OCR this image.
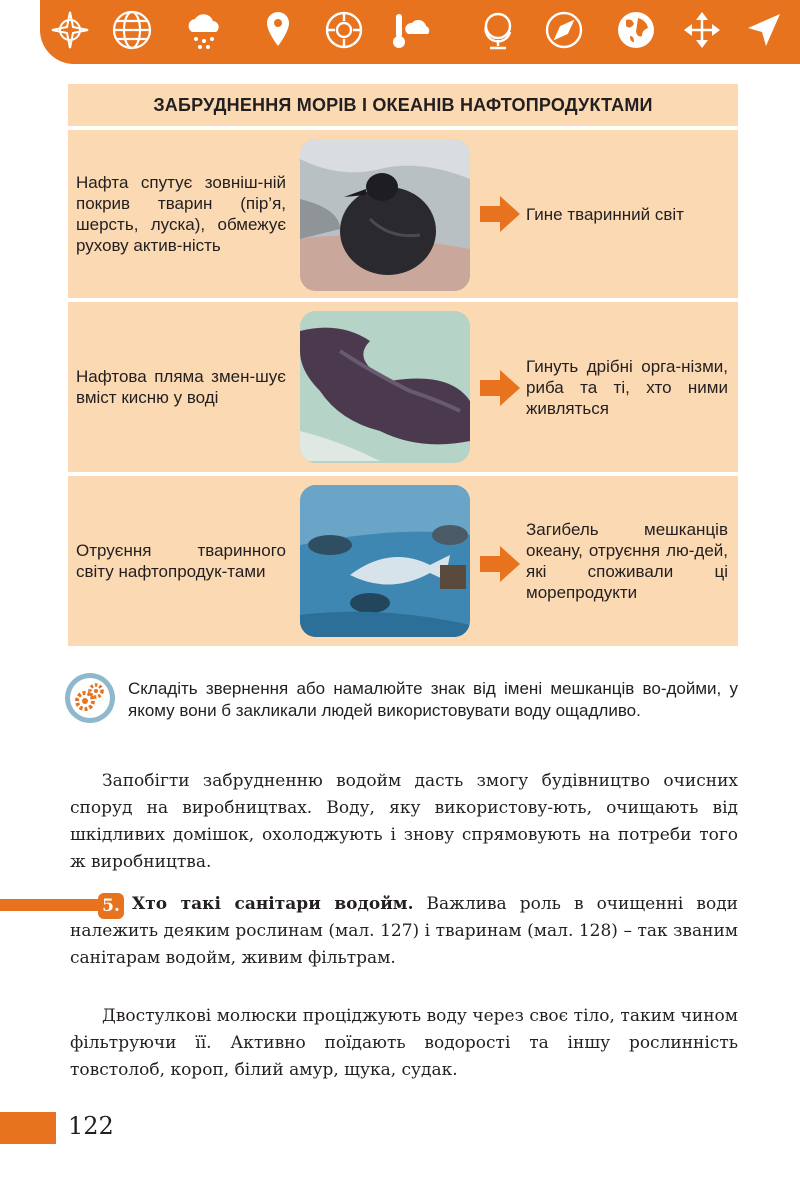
ЗАБРУДНЕННЯ МОРІВ І ОКЕАНІВ НАФТОПРОДУКТАМИ
Нафта спутує зовніш-ній покрив тварин (пір’я, шерсть, луска), обмежує рухову актив-ність
Гине тваринний світ
Нафтова пляма змен-шує вміст кисню у воді
Гинуть дрібні орга-нізми, риба та ті, хто ними живляться
Отруєння тваринного світу нафтопродук-тами
Загибель мешканців океану, отруєння лю-дей, які споживали ці морепродукти
Складіть звернення або намалюйте знак від імені мешканців во-дойми, у якому вони б закликали людей використовувати воду ощадливо.
Запобігти забрудненню водойм дасть змогу будівництво очисних споруд на виробництвах. Воду, яку використову-ють, очищають від шкідливих домішок, охолоджують і знову спрямовують на потреби того ж виробництва.
5. Хто такі санітари водойм. Важлива роль в очищенні води належить деяким рослинам (мал. 127) і тваринам (мал. 128) – так званим санітарам водойм, живим фільтрам.
Двостулкові молюски проціджують воду через своє тіло, таким чином фільтруючи її. Активно поїдають водорості та іншу рослинність товстолоб, короп, білий амур, щука, судак.
122
